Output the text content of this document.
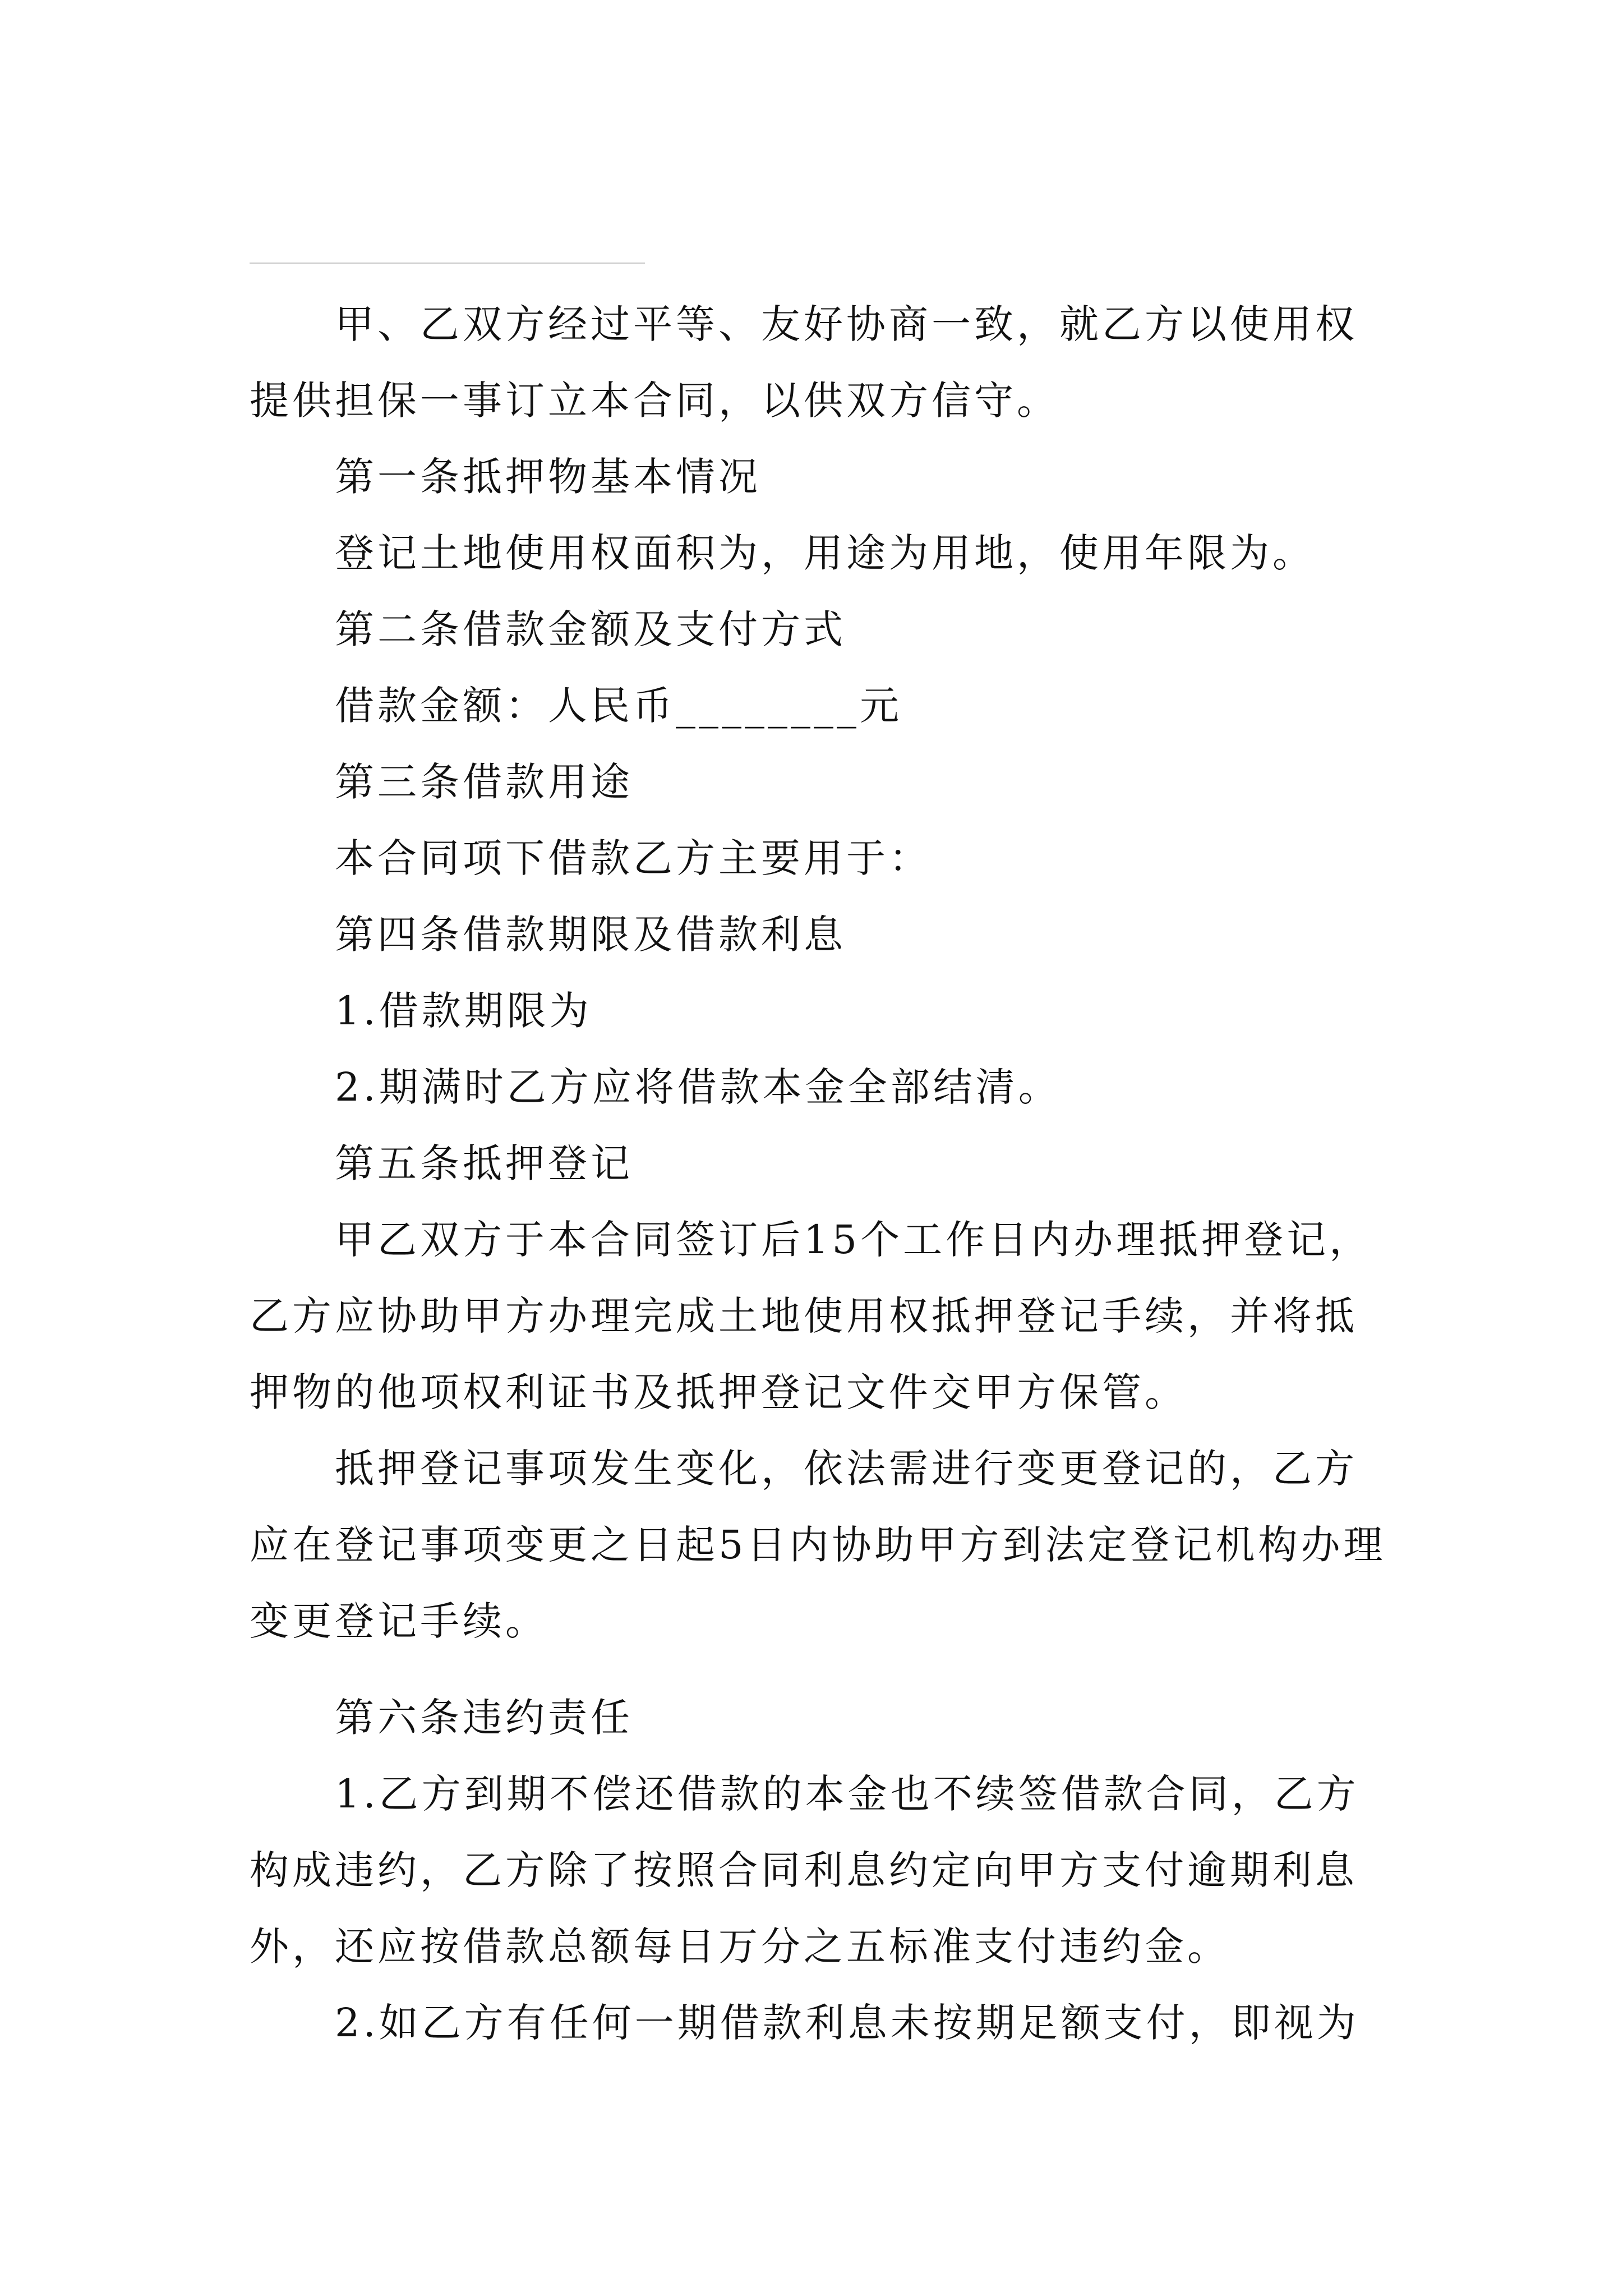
甲、乙双方经过平等、友好协商一致，就乙方以使用权提供担保一事订立本合同，以供双方信守。

第一条抵押物基本情况

登记土地使用权面积为，用途为用地，使用年限为。

第二条借款金额及支付方式

借款金额：人民币________元

第三条借款用途

本合同项下借款乙方主要用于：

第四条借款期限及借款利息

1.借款期限为

2.期满时乙方应将借款本金全部结清。

第五条抵押登记

甲乙双方于本合同签订后15个工作日内办理抵押登记，乙方应协助甲方办理完成土地使用权抵押登记手续，并将抵押物的他项权利证书及抵押登记文件交甲方保管。

抵押登记事项发生变化，依法需进行变更登记的，乙方应在登记事项变更之日起5日内协助甲方到法定登记机构办理变更登记手续。

第六条违约责任

1.乙方到期不偿还借款的本金也不续签借款合同，乙方构成违约，乙方除了按照合同利息约定向甲方支付逾期利息外，还应按借款总额每日万分之五标准支付违约金。

2.如乙方有任何一期借款利息未按期足额支付，即视为
